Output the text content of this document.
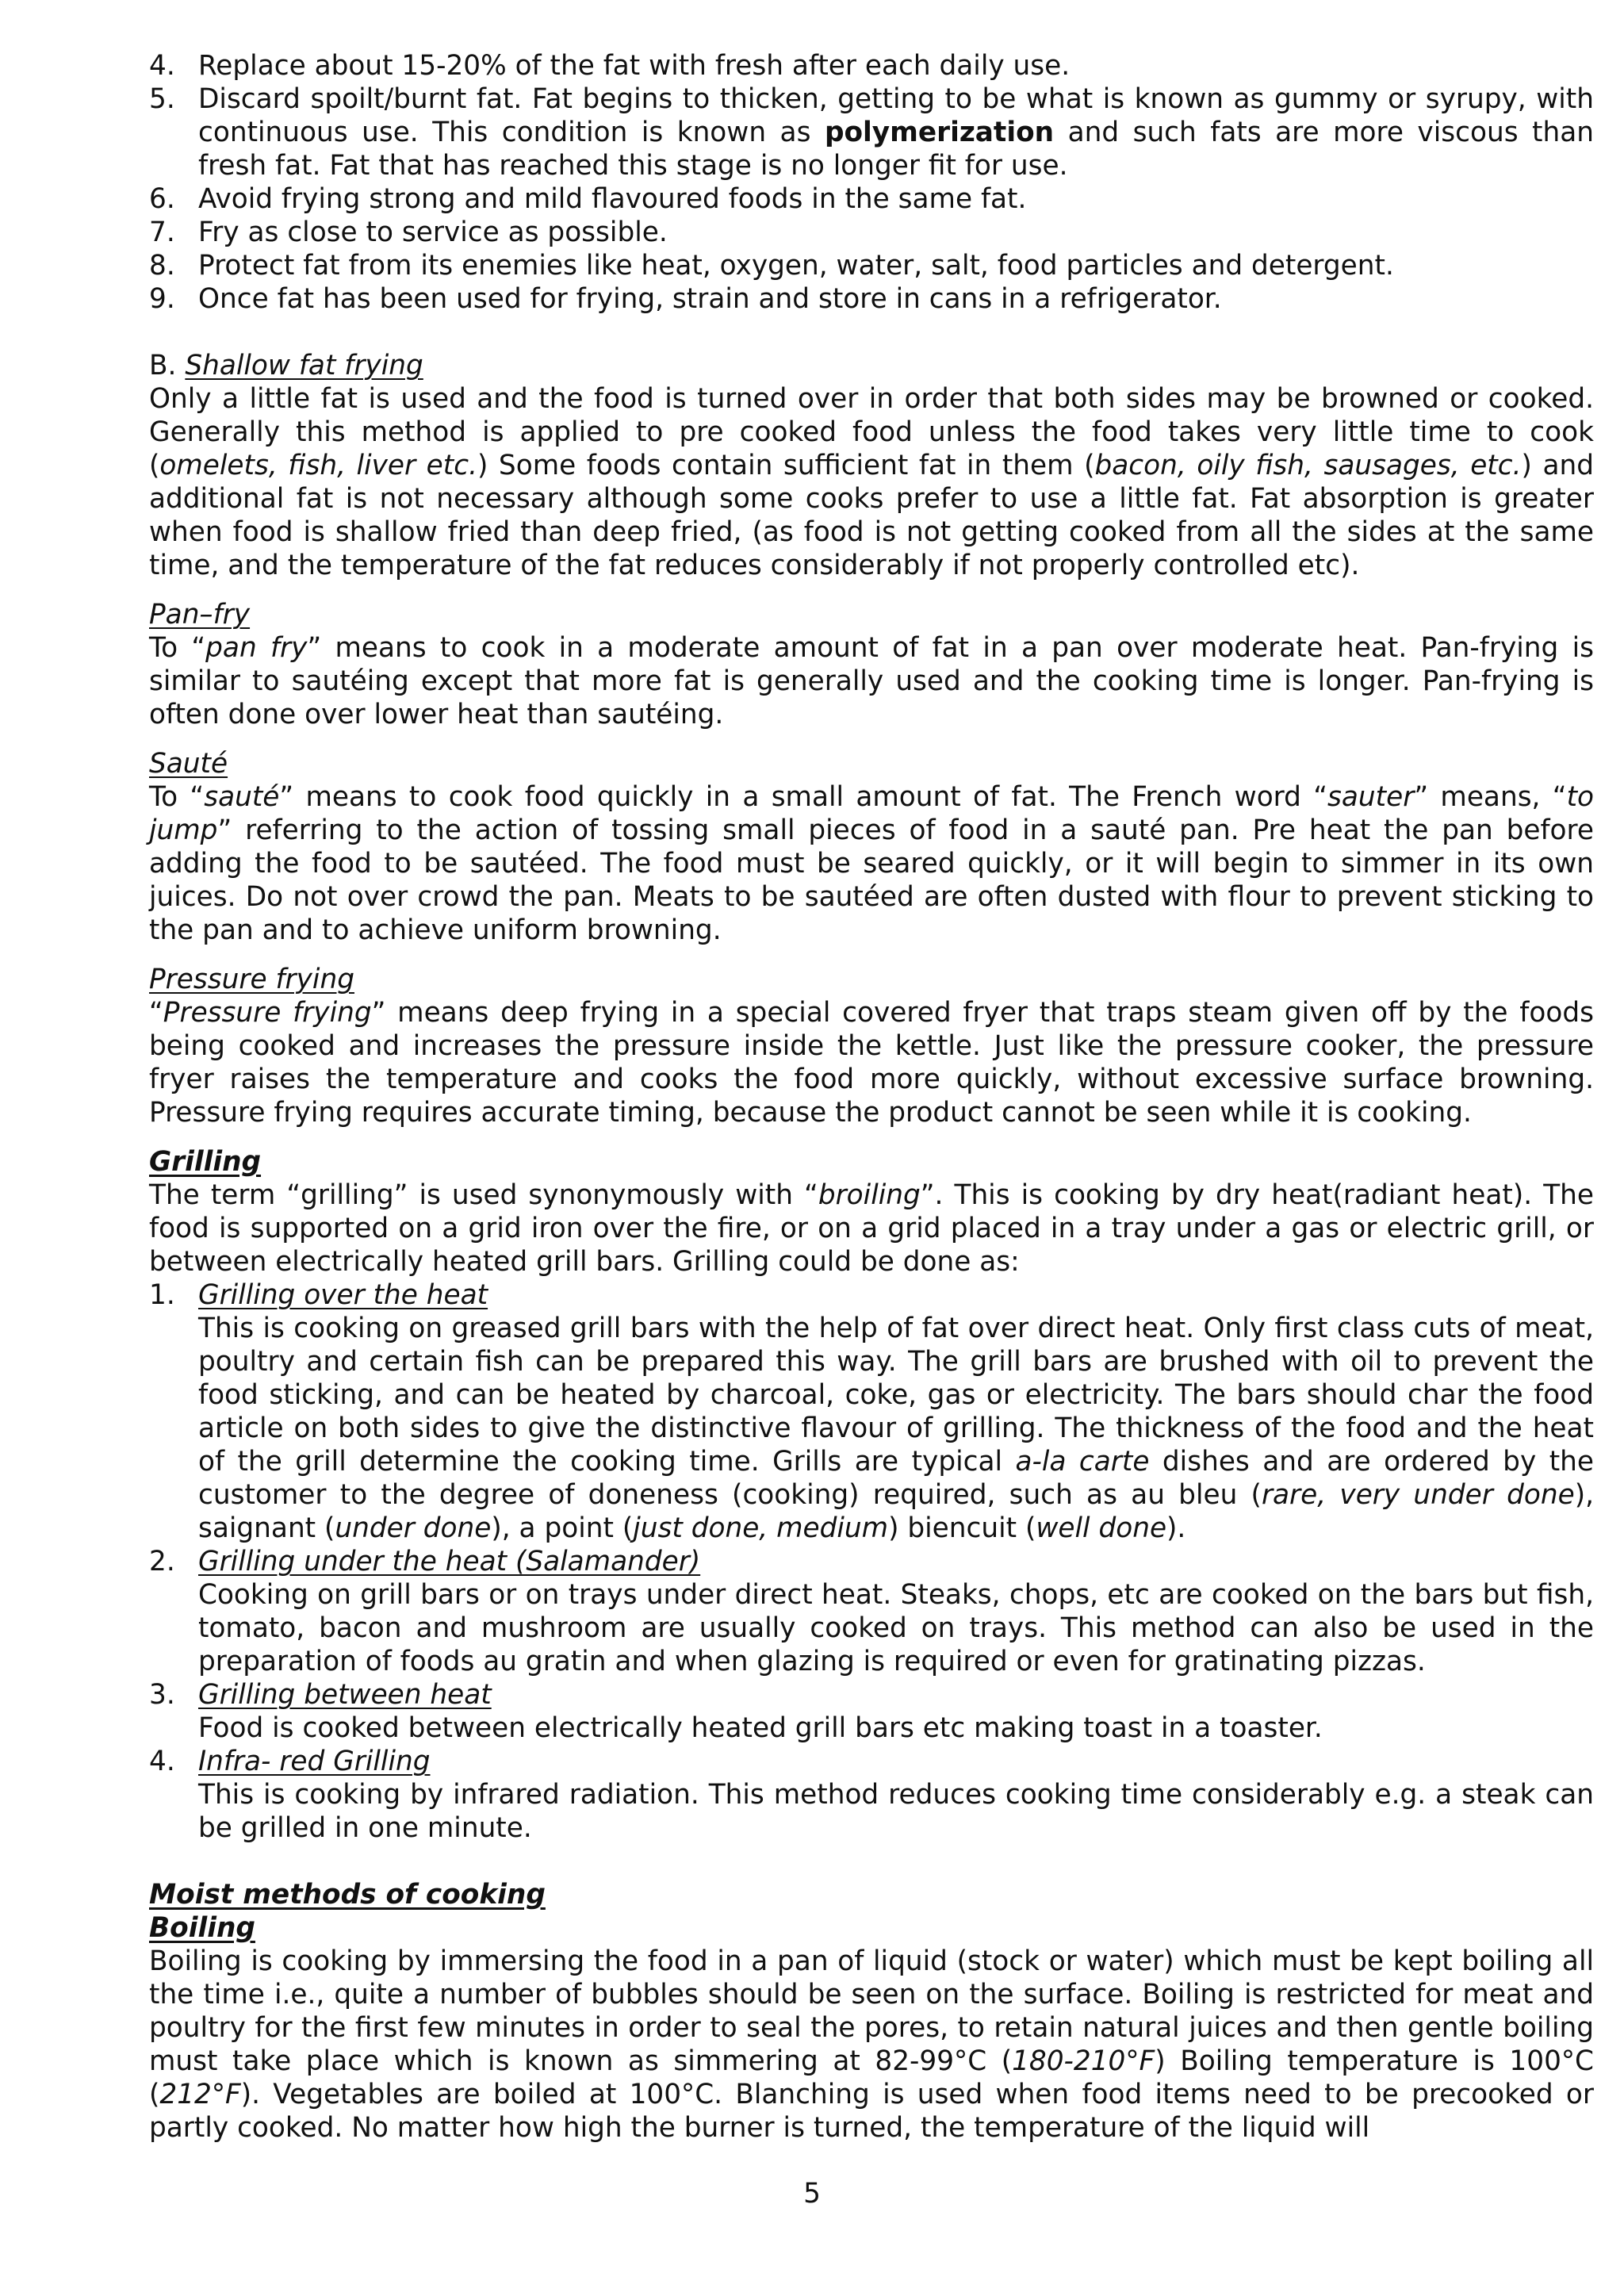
4. Replace about 15-20% of the fat with fresh after each daily use.
5. Discard spoilt/burnt fat. Fat begins to thicken, getting to be what is known as gummy or syrupy, with continuous use. This condition is known as polymerization and such fats are more viscous than fresh fat. Fat that has reached this stage is no longer fit for use.
6. Avoid frying strong and mild flavoured foods in the same fat.
7. Fry as close to service as possible.
8. Protect fat from its enemies like heat, oxygen, water, salt, food particles and detergent.
9. Once fat has been used for frying, strain and store in cans in a refrigerator.
B. Shallow fat frying

Only a little fat is used and the food is turned over in order that both sides may be browned or cooked. Generally this method is applied to pre cooked food unless the food takes very little time to cook (omelets, fish, liver etc.) Some foods contain sufficient fat in them (bacon, oily fish, sausages, etc.) and additional fat is not necessary although some cooks prefer to use a little fat. Fat absorption is greater when food is shallow fried than deep fried, (as food is not getting cooked from all the sides at the same time, and the temperature of the fat reduces considerably if not properly controlled etc).

Pan–fry

To “pan fry” means to cook in a moderate amount of fat in a pan over moderate heat. Pan-frying is similar to sautéing except that more fat is generally used and the cooking time is longer. Pan-frying is often done over lower heat than sautéing.

Sauté

To “sauté” means to cook food quickly in a small amount of fat. The French word “sauter” means, “to jump” referring to the action of tossing small pieces of food in a sauté pan. Pre heat the pan before adding the food to be sautéed. The food must be seared quickly, or it will begin to simmer in its own juices. Do not over crowd the pan. Meats to be sautéed are often dusted with flour to prevent sticking to the pan and to achieve uniform browning.

Pressure frying

“Pressure frying” means deep frying in a special covered fryer that traps steam given off by the foods being cooked and increases the pressure inside the kettle. Just like the pressure cooker, the pressure fryer raises the temperature and cooks the food more quickly, without excessive surface browning. Pressure frying requires accurate timing, because the product cannot be seen while it is cooking.

Grilling

The term “grilling” is used synonymously with “broiling”. This is cooking by dry heat(radiant heat). The food is supported on a grid iron over the fire, or on a grid placed in a tray under a gas or electric grill, or between electrically heated grill bars. Grilling could be done as:

1. Grilling over the heat

This is cooking on greased grill bars with the help of fat over direct heat. Only first class cuts of meat, poultry and certain fish can be prepared this way. The grill bars are brushed with oil to prevent the food sticking, and can be heated by charcoal, coke, gas or electricity. The bars should char the food article on both sides to give the distinctive flavour of grilling. The thickness of the food and the heat of the grill determine the cooking time. Grills are typical a-la carte dishes and are ordered by the customer to the degree of doneness (cooking) required, such as au bleu (rare, very under done), saignant (under done), a point (just done, medium) biencuit (well done).

2. Grilling under the heat (Salamander)

Cooking on grill bars or on trays under direct heat. Steaks, chops, etc are cooked on the bars but fish, tomato, bacon and mushroom are usually cooked on trays. This method can also be used in the preparation of foods au gratin and when glazing is required or even for gratinating pizzas.

3. Grilling between heat

Food is cooked between electrically heated grill bars etc making toast in a toaster.

4. Infra- red Grilling

This is cooking by infrared radiation. This method reduces cooking time considerably e.g. a steak can be grilled in one minute.

Moist methods of cooking
Boiling

Boiling is cooking by immersing the food in a pan of liquid (stock or water) which must be kept boiling all the time i.e., quite a number of bubbles should be seen on the surface. Boiling is restricted for meat and poultry for the first few minutes in order to seal the pores, to retain natural juices and then gentle boiling must take place which is known as simmering at 82-99°C (180-210°F) Boiling temperature is 100°C (212°F). Vegetables are boiled at 100°C. Blanching is used when food items need to be precooked or partly cooked. No matter how high the burner is turned, the temperature of the liquid will

5
